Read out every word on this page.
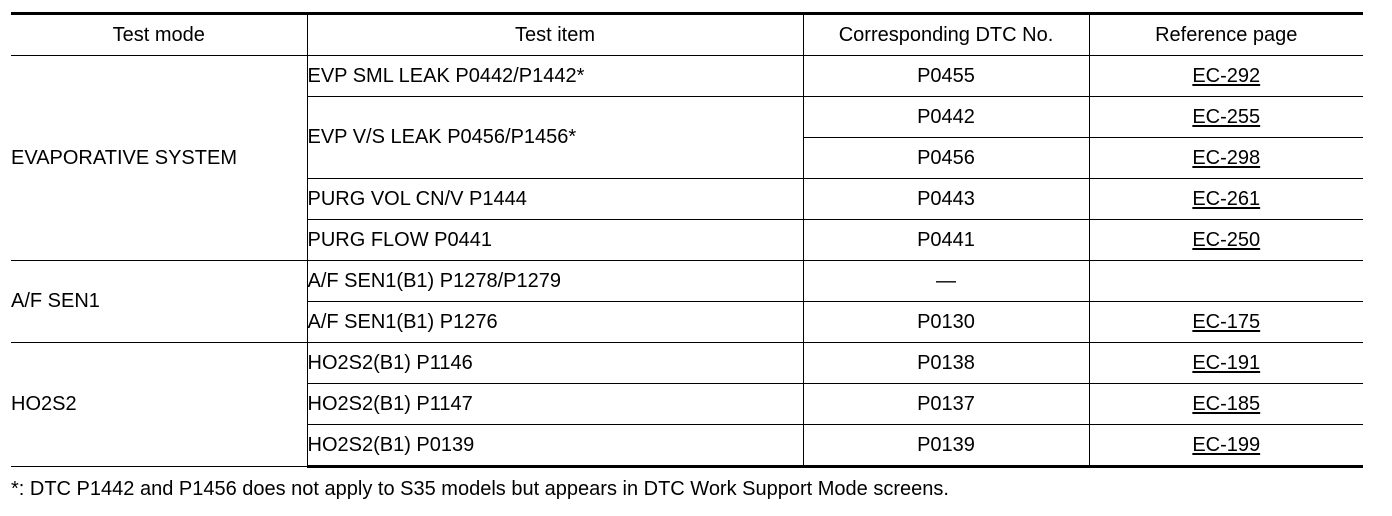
Test mode	Test item	Corresponding DTC No.	Reference page
EVAPORATIVE SYSTEM	EVP SML LEAK P0442/P1442*	P0455	EC-292
	EVP V/S LEAK P0456/P1456*	P0442	EC-255
		P0456	EC-298
	PURG VOL CN/V P1444	P0443	EC-261
	PURG FLOW P0441	P0441	EC-250
A/F SEN1	A/F SEN1(B1) P1278/P1279	—	
	A/F SEN1(B1) P1276	P0130	EC-175
HO2S2	HO2S2(B1) P1146	P0138	EC-191
	HO2S2(B1) P1147	P0137	EC-185
	HO2S2(B1) P0139	P0139	EC-199
*: DTC P1442 and P1456 does not apply to S35 models but appears in DTC Work Support Mode screens.
